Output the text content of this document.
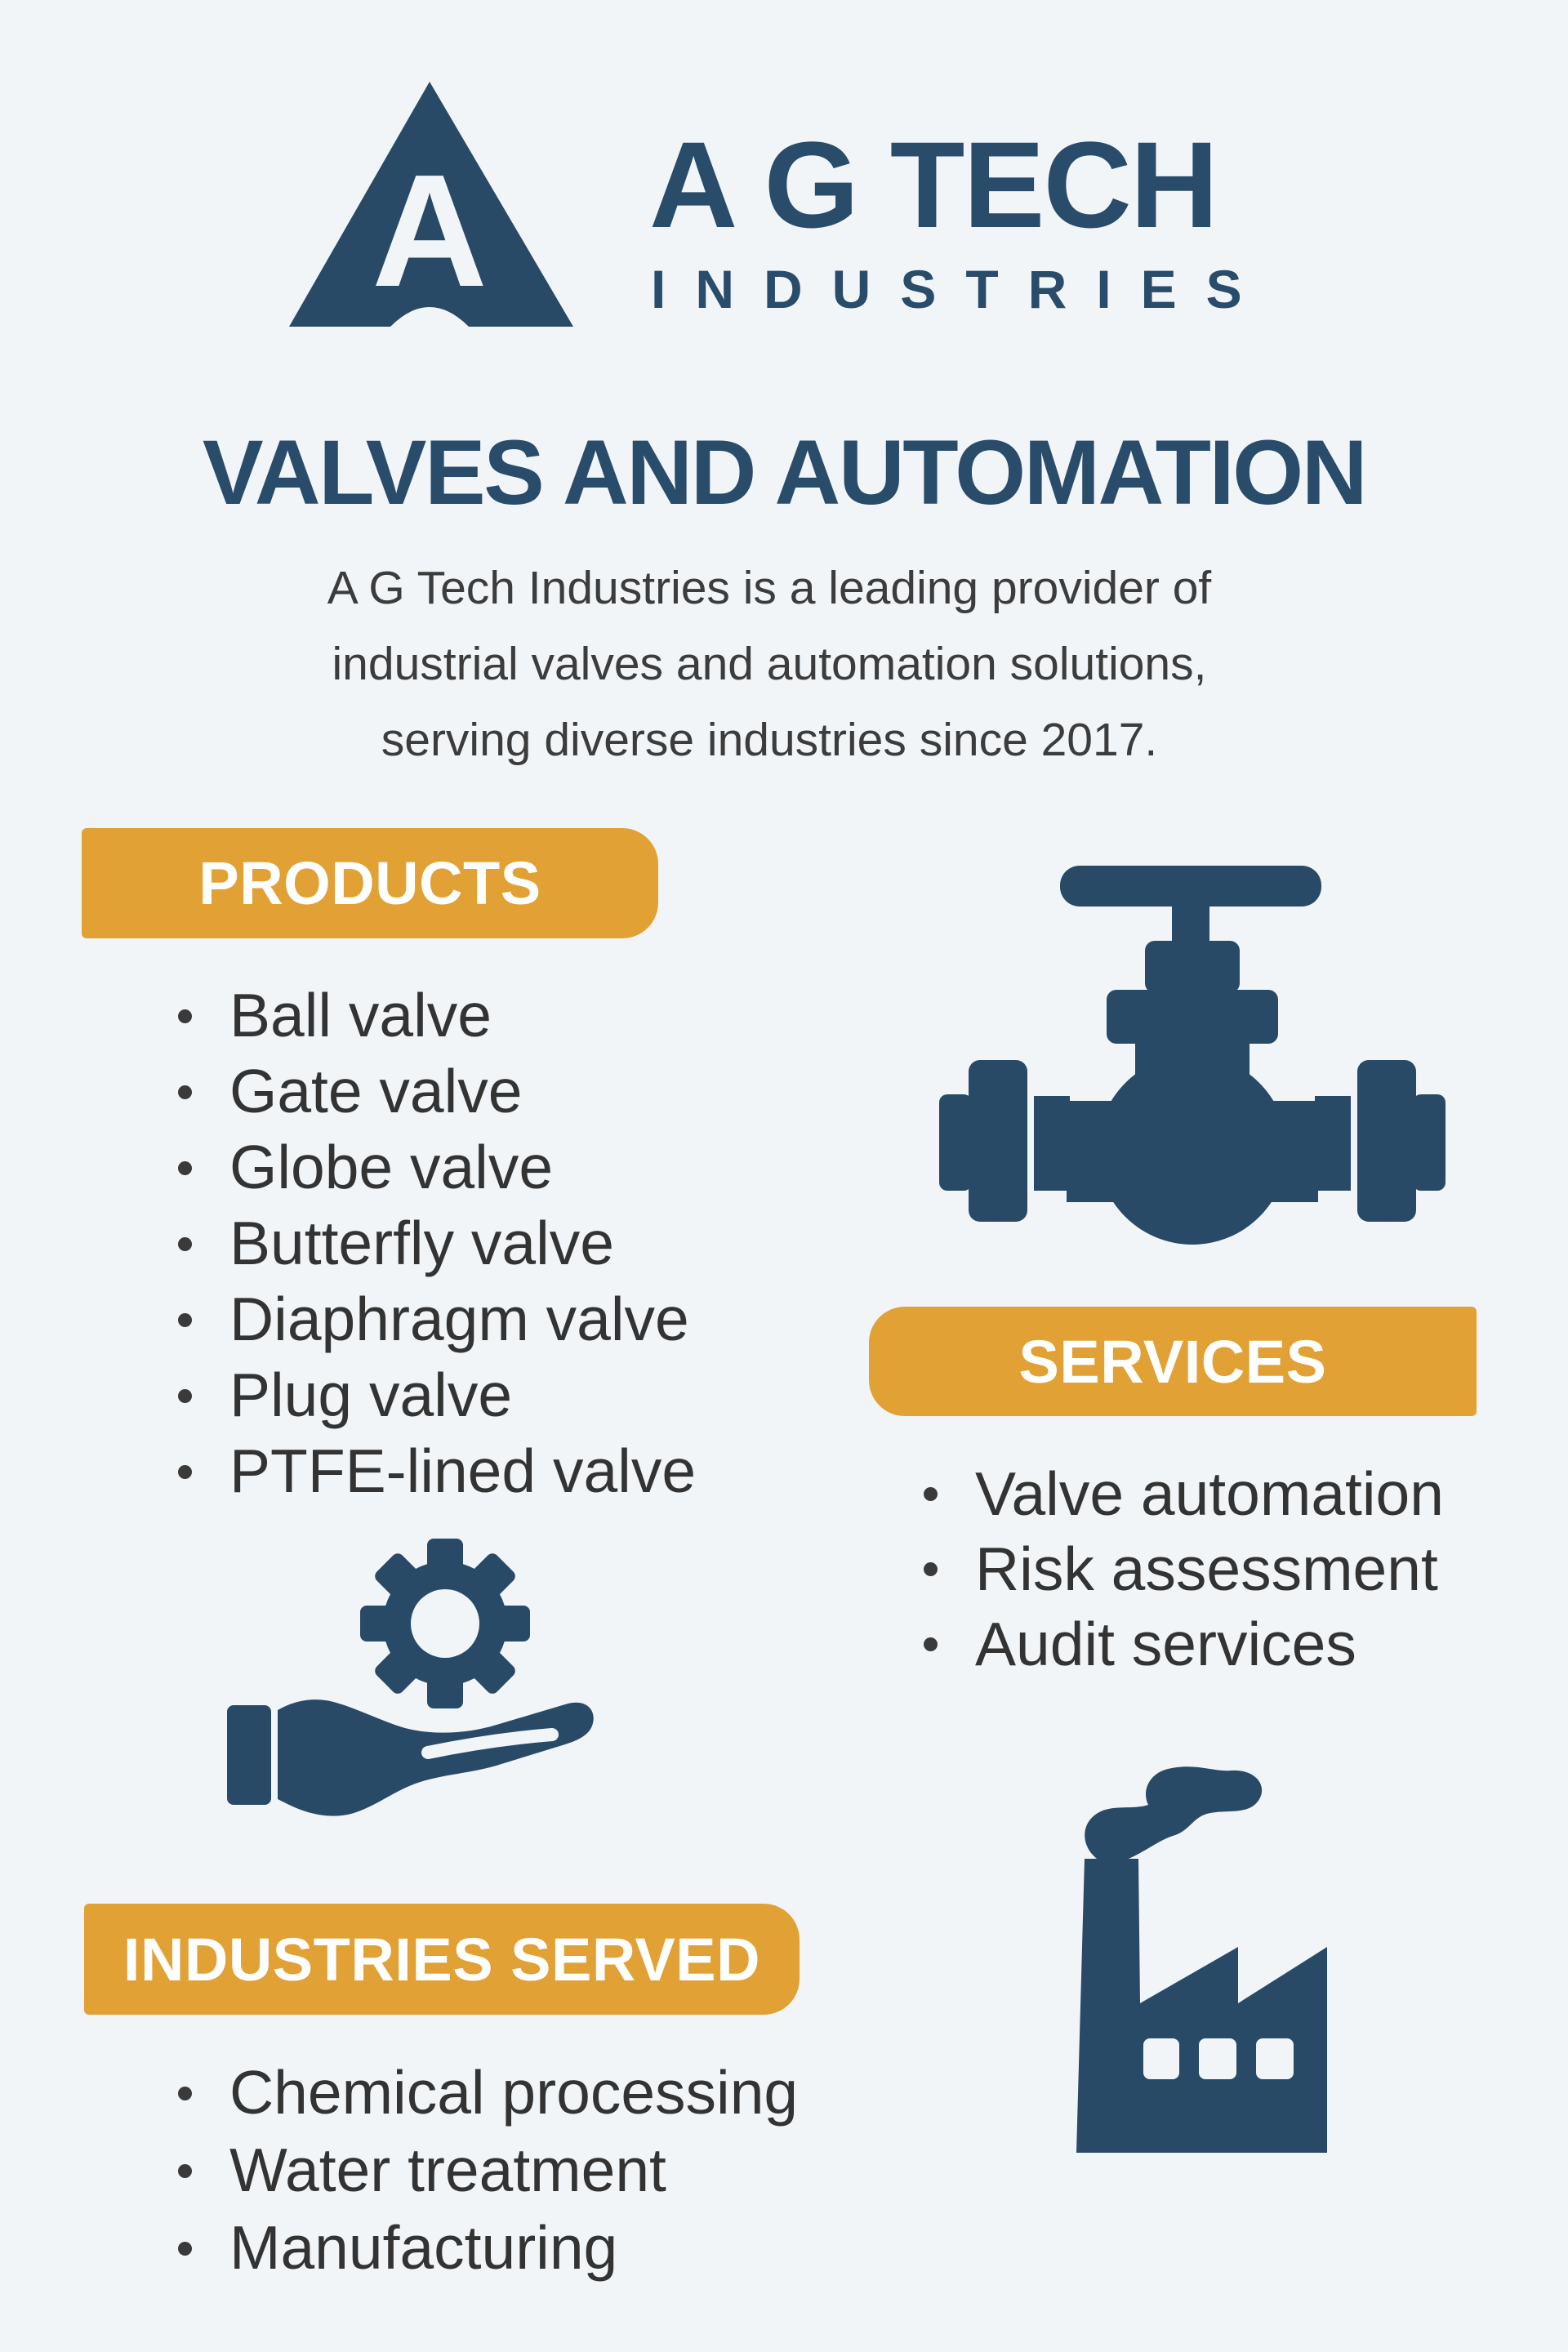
A A G TECH
INDUSTRIES
VALVES AND AUTOMATION
A G Tech Industries is a leading provider of
industrial valves and automation solutions,
serving diverse industries since 2017.
PRODUCTS
Ball valve
Gate valve
Globe valve
Butterfly valve
Diaphragm valve
Plug valve
PTFE-lined valve
SERVICES
Valve automation
Risk assessment
Audit services
INDUSTRIES SERVED
Chemical processing
Water treatment
Manufacturing
